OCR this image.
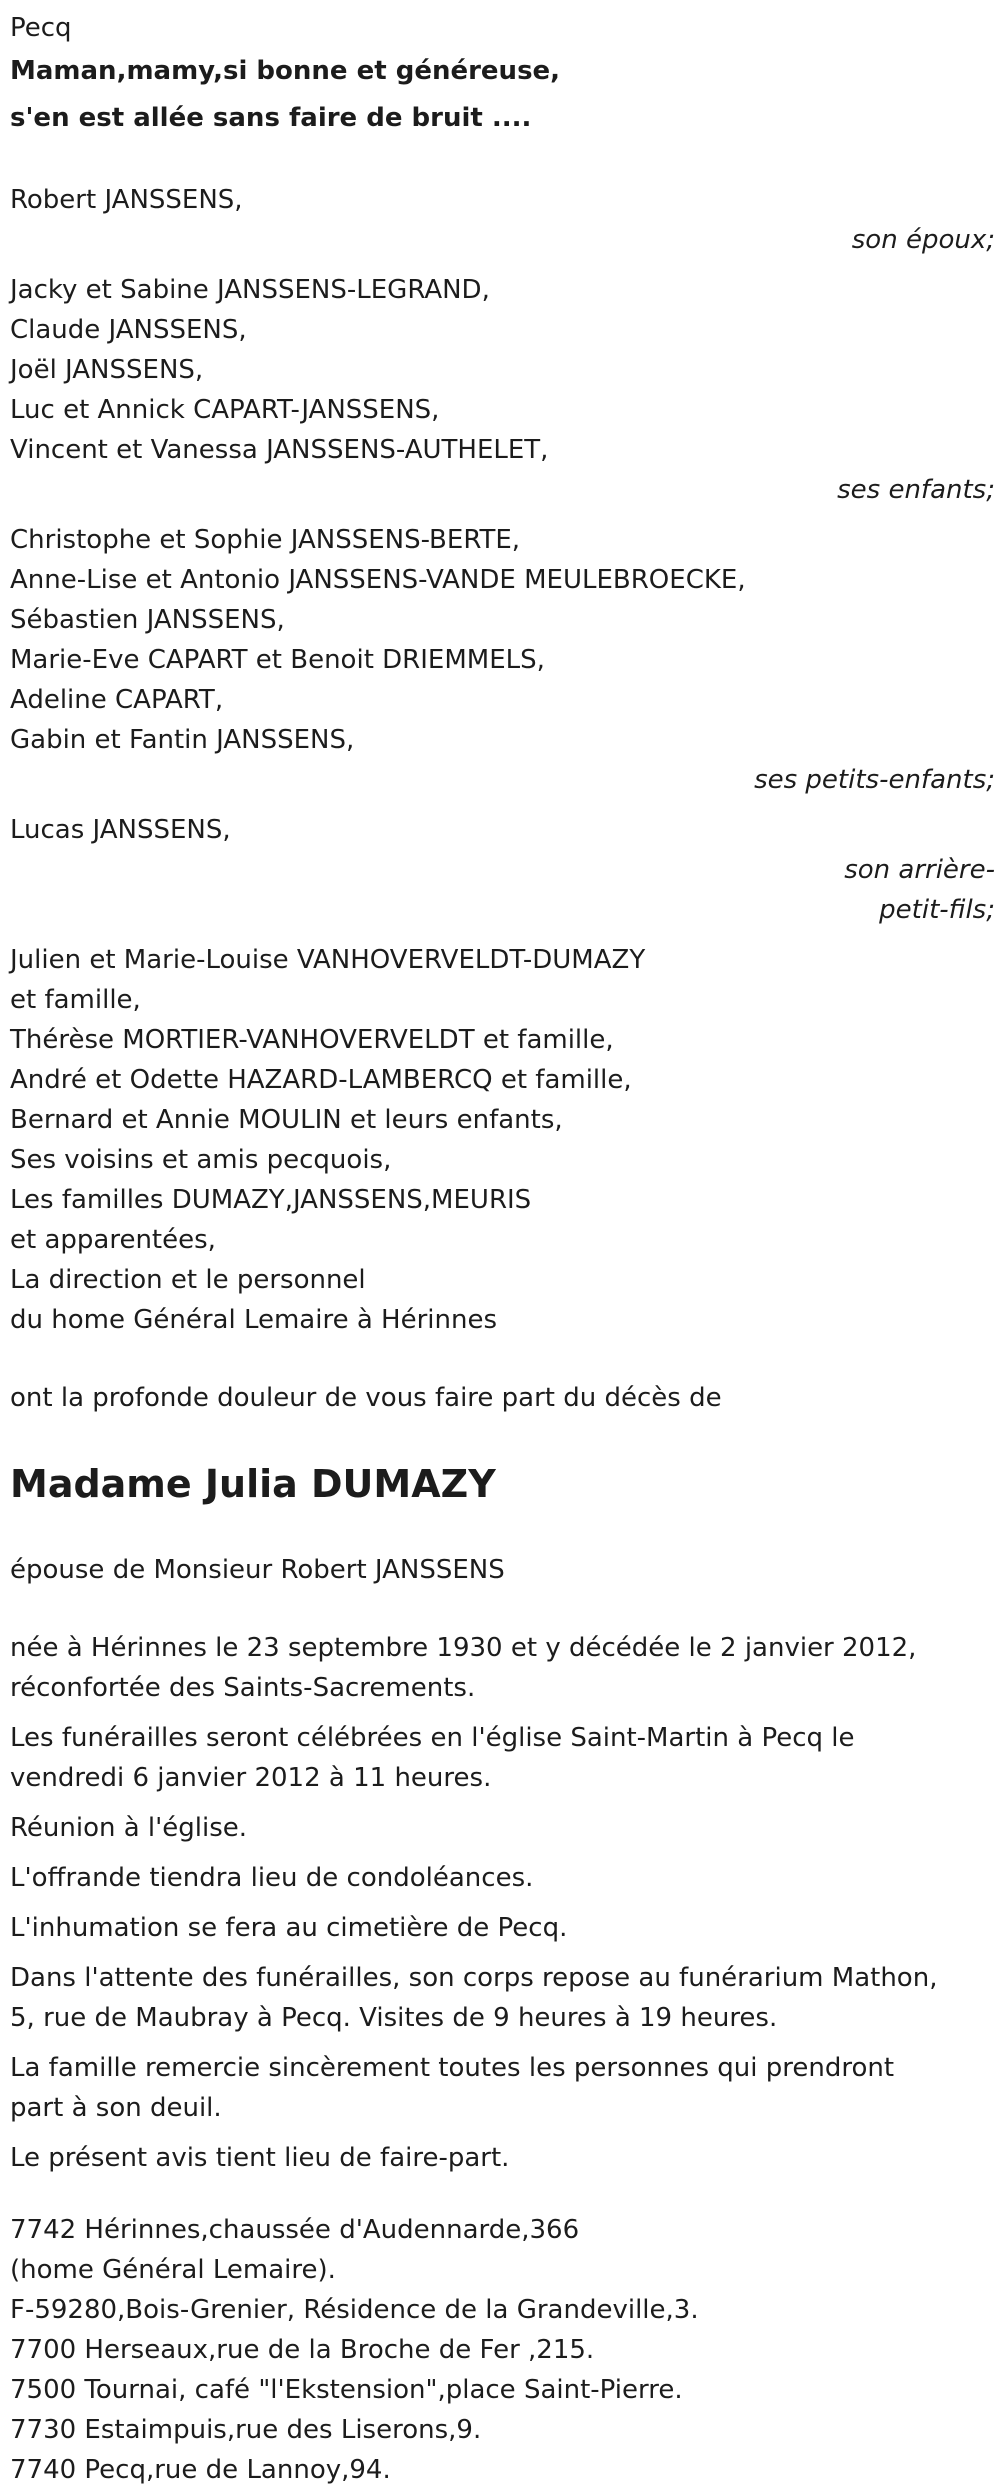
Pecq
Maman,mamy,si bonne et généreuse,
s'en est allée sans faire de bruit ....
Robert JANSSENS,
son époux;
Jacky et Sabine JANSSENS-LEGRAND,
Claude JANSSENS,
Joël JANSSENS,
Luc et Annick CAPART-JANSSENS,
Vincent et Vanessa JANSSENS-AUTHELET,
ses enfants;
Christophe et Sophie JANSSENS-BERTE,
Anne-Lise et Antonio JANSSENS-VANDE MEULEBROECKE,
Sébastien JANSSENS,
Marie-Eve CAPART et Benoit DRIEMMELS,
Adeline CAPART,
Gabin et Fantin JANSSENS,
ses petits-enfants;
Lucas JANSSENS,
son arrière-
petit-fils;
Julien et Marie-Louise VANHOVERVELDT-DUMAZY
et famille,
Thérèse MORTIER-VANHOVERVELDT et famille,
André et Odette HAZARD-LAMBERCQ et famille,
Bernard et Annie MOULIN et leurs enfants,
Ses voisins et amis pecquois,
Les familles DUMAZY,JANSSENS,MEURIS
et apparentées,
La direction et le personnel
du home Général Lemaire à Hérinnes
ont la profonde douleur de vous faire part du décès de
Madame Julia DUMAZY
épouse de Monsieur Robert JANSSENS
née à Hérinnes le 23 septembre 1930 et y décédée le 2 janvier 2012,
réconfortée des Saints-Sacrements.
Les funérailles seront célébrées en l'église Saint-Martin à Pecq le
vendredi 6 janvier 2012 à 11 heures.
Réunion à l'église.
L'offrande tiendra lieu de condoléances.
L'inhumation se fera au cimetière de Pecq.
Dans l'attente des funérailles, son corps repose au funérarium Mathon,
5, rue de Maubray à Pecq. Visites de 9 heures à 19 heures.
La famille remercie sincèrement toutes les personnes qui prendront
part à son deuil.
Le présent avis tient lieu de faire-part.
7742 Hérinnes,chaussée d'Audennarde,366
(home Général Lemaire).
F-59280,Bois-Grenier, Résidence de la Grandeville,3.
7700 Herseaux,rue de la Broche de Fer ,215.
7500 Tournai, café "l'Ekstension",place Saint-Pierre.
7730 Estaimpuis,rue des Liserons,9.
7740 Pecq,rue de Lannoy,94.
